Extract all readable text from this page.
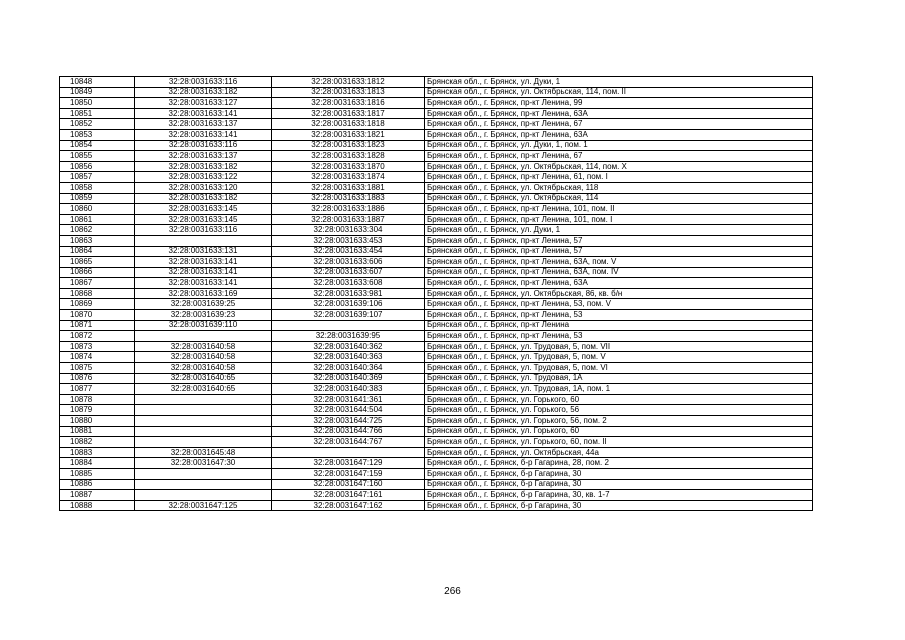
10848	32:28:0031633:116	32:28:0031633:1812	Брянская обл., г. Брянск, ул. Дуки, 1
10849	32:28:0031633:182	32:28:0031633:1813	Брянская обл., г. Брянск, ул. Октябрьская, 114, пом. II
10850	32:28:0031633:127	32:28:0031633:1816	Брянская обл., г. Брянск, пр-кт Ленина, 99
10851	32:28:0031633:141	32:28:0031633:1817	Брянская обл., г. Брянск, пр-кт Ленина, 63А
10852	32:28:0031633:137	32:28:0031633:1818	Брянская обл., г. Брянск, пр-кт Ленина, 67
10853	32:28:0031633:141	32:28:0031633:1821	Брянская обл., г. Брянск, пр-кт Ленина, 63А
10854	32:28:0031633:116	32:28:0031633:1823	Брянская обл., г. Брянск, ул. Дуки, 1, пом. 1
10855	32:28:0031633:137	32:28:0031633:1828	Брянская обл., г. Брянск, пр-кт Ленина, 67
10856	32:28:0031633:182	32:28:0031633:1870	Брянская обл., г. Брянск, ул. Октябрьская, 114, пом. X
10857	32:28:0031633:122	32:28:0031633:1874	Брянская обл., г. Брянск, пр-кт Ленина, 61, пом. I
10858	32:28:0031633:120	32:28:0031633:1881	Брянская обл., г. Брянск, ул. Октябрьская, 118
10859	32:28:0031633:182	32:28:0031633:1883	Брянская обл., г. Брянск, ул. Октябрьская, 114
10860	32:28:0031633:145	32:28:0031633:1886	Брянская обл., г. Брянск, пр-кт Ленина, 101, пом. II
10861	32:28:0031633:145	32:28:0031633:1887	Брянская обл., г. Брянск, пр-кт Ленина, 101, пом. I
10862	32:28:0031633:116	32:28:0031633:304	Брянская обл., г. Брянск, ул. Дуки, 1
10863		32:28:0031633:453	Брянская обл., г. Брянск, пр-кт Ленина, 57
10864	32:28:0031633:131	32:28:0031633:454	Брянская обл., г. Брянск, пр-кт Ленина, 57
10865	32:28:0031633:141	32:28:0031633:606	Брянская обл., г. Брянск, пр-кт Ленина, 63А, пом. V
10866	32:28:0031633:141	32:28:0031633:607	Брянская обл., г. Брянск, пр-кт Ленина, 63А, пом. IV
10867	32:28:0031633:141	32:28:0031633:608	Брянская обл., г. Брянск, пр-кт Ленина, 63А
10868	32:28:0031633:169	32:28:0031633:981	Брянская обл., г. Брянск, ул. Октябрьская, 86, кв. б/н
10869	32:28:0031639:25	32:28:0031639:106	Брянская обл., г. Брянск, пр-кт Ленина, 53, пом. V
10870	32:28:0031639:23	32:28:0031639:107	Брянская обл., г. Брянск, пр-кт Ленина, 53
10871	32:28:0031639:110		Брянская обл., г. Брянск, пр-кт Ленина
10872		32:28:0031639:95	Брянская обл., г. Брянск, пр-кт Ленина, 53
10873	32:28:0031640:58	32:28:0031640:362	Брянская обл., г. Брянск, ул. Трудовая, 5, пом. VII
10874	32:28:0031640:58	32:28:0031640:363	Брянская обл., г. Брянск, ул. Трудовая, 5, пом. V
10875	32:28:0031640:58	32:28:0031640:364	Брянская обл., г. Брянск, ул. Трудовая, 5, пом. VI
10876	32:28:0031640:65	32:28:0031640:369	Брянская обл., г. Брянск, ул. Трудовая, 1А
10877	32:28:0031640:65	32:28:0031640:383	Брянская обл., г. Брянск, ул. Трудовая, 1А, пом. 1
10878		32:28:0031641:361	Брянская обл., г. Брянск, ул. Горького, 60
10879		32:28:0031644:504	Брянская обл., г. Брянск, ул. Горького, 56
10880		32:28:0031644:725	Брянская обл., г. Брянск, ул. Горького, 56, пом. 2
10881		32:28:0031644:766	Брянская обл., г. Брянск, ул. Горького, 60
10882		32:28:0031644:767	Брянская обл., г. Брянск, ул. Горького, 60, пом. II
10883	32:28:0031645:48		Брянская обл., г. Брянск, ул. Октябрьская, 44а
10884	32:28:0031647:30	32:28:0031647:129	Брянская обл., г. Брянск, б-р Гагарина, 28, пом. 2
10885		32:28:0031647:159	Брянская обл., г. Брянск, б-р Гагарина, 30
10886		32:28:0031647:160	Брянская обл., г. Брянск, б-р Гагарина, 30
10887		32:28:0031647:161	Брянская обл., г. Брянск, б-р Гагарина, 30, кв. 1-7
10888	32:28:0031647:125	32:28:0031647:162	Брянская обл., г. Брянск, б-р Гагарина, 30
266
